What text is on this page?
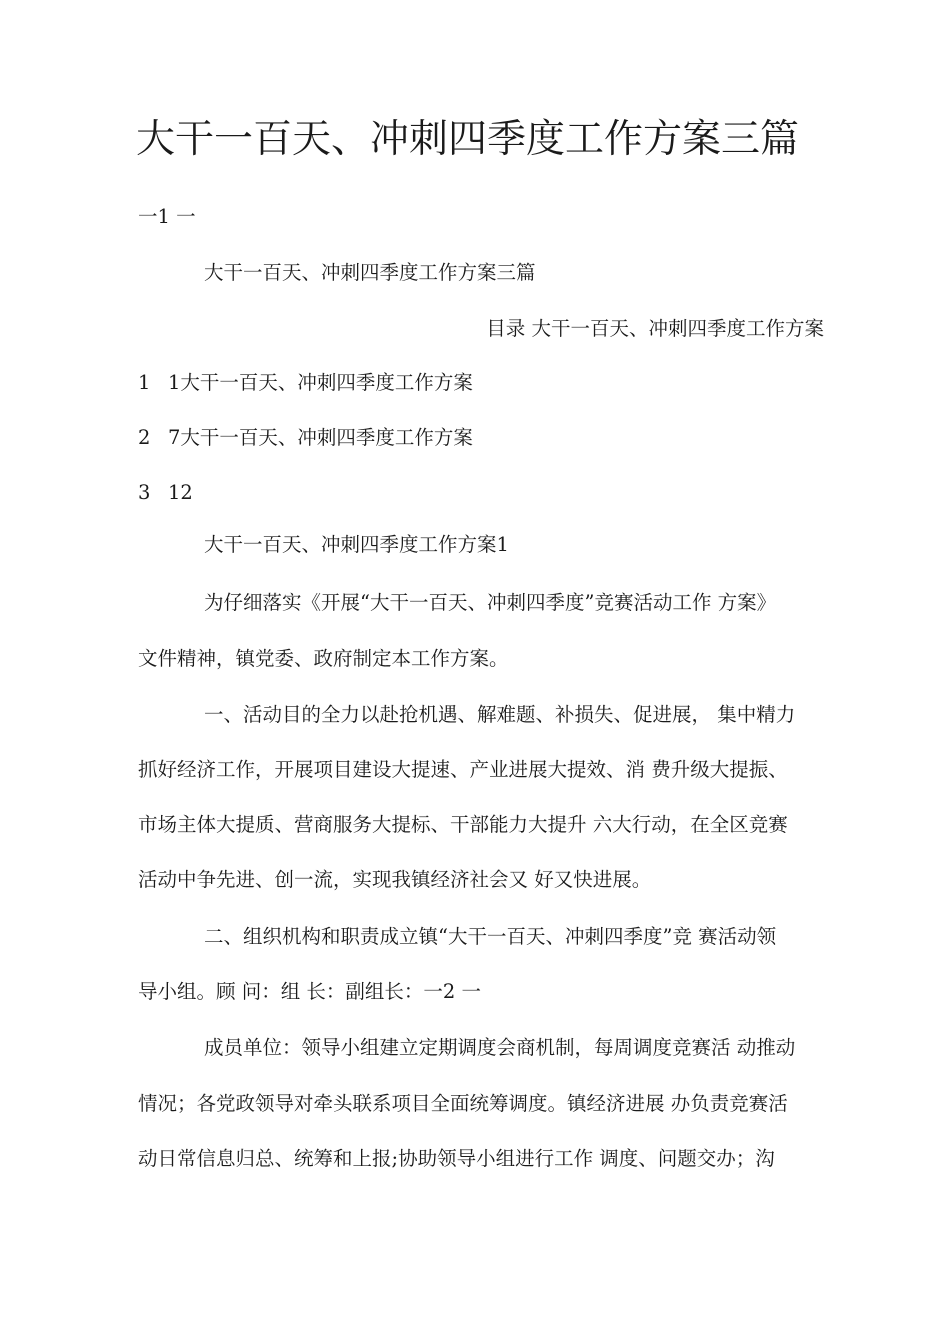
大干一百天、冲刺四季度工作方案三篇
一1 一
大干一百天、冲刺四季度工作方案三篇
目录 大干一百天、冲刺四季度工作方案
1 1大干一百天、冲刺四季度工作方案
2 7大干一百天、冲刺四季度工作方案
3 12
大干一百天、冲刺四季度工作方案1
为仔细落实《开展“大干一百天、冲刺四季度”竞赛活动工作 方案》
文件精神，镇党委、政府制定本工作方案。
一、活动目的全力以赴抢机遇、解难题、补损失、促进展， 集中精力
抓好经济工作，开展项目建设大提速、产业进展大提效、消 费升级大提振、
市场主体大提质、营商服务大提标、干部能力大提升 六大行动，在全区竞赛
活动中争先进、创一流，实现我镇经济社会又 好又快进展。
二、组织机构和职责成立镇“大干一百天、冲刺四季度”竞 赛活动领
导小组。顾 问：组 长：副组长：一2 一
成员单位：领导小组建立定期调度会商机制，每周调度竞赛活 动推动
情况；各党政领导对牵头联系项目全面统筹调度。镇经济进展 办负责竞赛活
动日常信息归总、统筹和上报;协助领导小组进行工作 调度、问题交办；沟
